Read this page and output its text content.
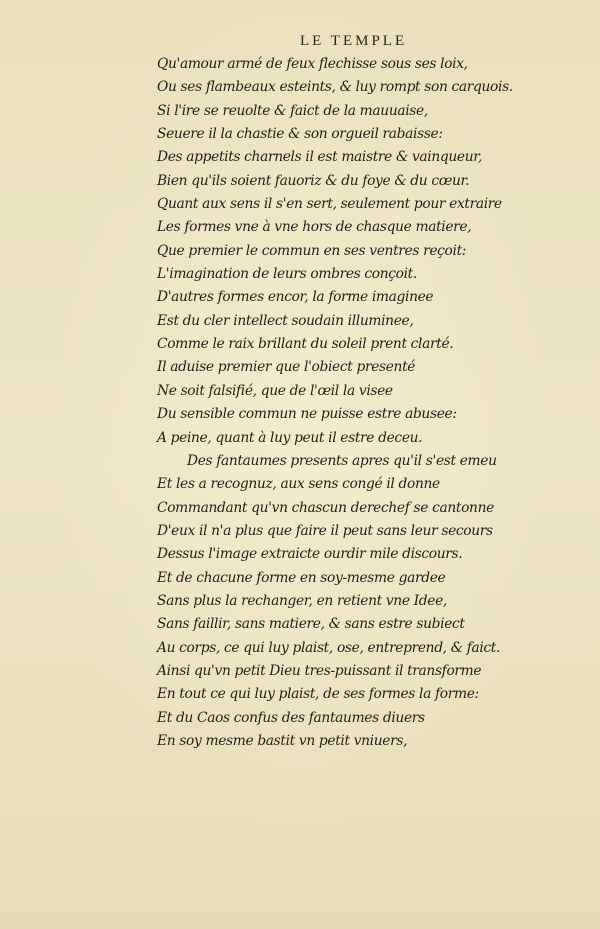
LE TEMPLE
Qu'amour armé de feux flechisse sous ses loix,
Ou ses flambeaux esteints, & luy rompt son carquois.
Si l'ire se reuolte & faict de la mauuaise,
Seuere il la chastie & son orgueil rabaisse:
Des appetits charnels il est maistre & vainqueur,
Bien qu'ils soient fauoriz & du foye & du cœur.
Quant aux sens il s'en sert, seulement pour extraire
Les formes vne à vne hors de chasque matiere,
Que premier le commun en ses ventres reçoit:
L'imagination de leurs ombres conçoit.
D'autres formes encor, la forme imaginee
Est du cler intellect soudain illuminee,
Comme le raix brillant du soleil prent clarté.
Il aduise premier que l'obiect presenté
Ne soit falsifié, que de l'œil la visee
Du sensible commun ne puisse estre abusee:
A peine, quant à luy peut il estre deceu.
Des fantaumes presents apres qu'il s'est emeu
Et les a recognuz, aux sens congé il donne
Commandant qu'vn chascun derechef se cantonne
D'eux il n'a plus que faire il peut sans leur secours
Dessus l'image extraicte ourdir mile discours.
Et de chacune forme en soy-mesme gardee
Sans plus la rechanger, en retient vne Idee,
Sans faillir, sans matiere, & sans estre subiect
Au corps, ce qui luy plaist, ose, entreprend, & faict.
Ainsi qu'vn petit Dieu tres-puissant il transforme
En tout ce qui luy plaist, de ses formes la forme:
Et du Caos confus des fantaumes diuers
En soy mesme bastit vn petit vniuers,
